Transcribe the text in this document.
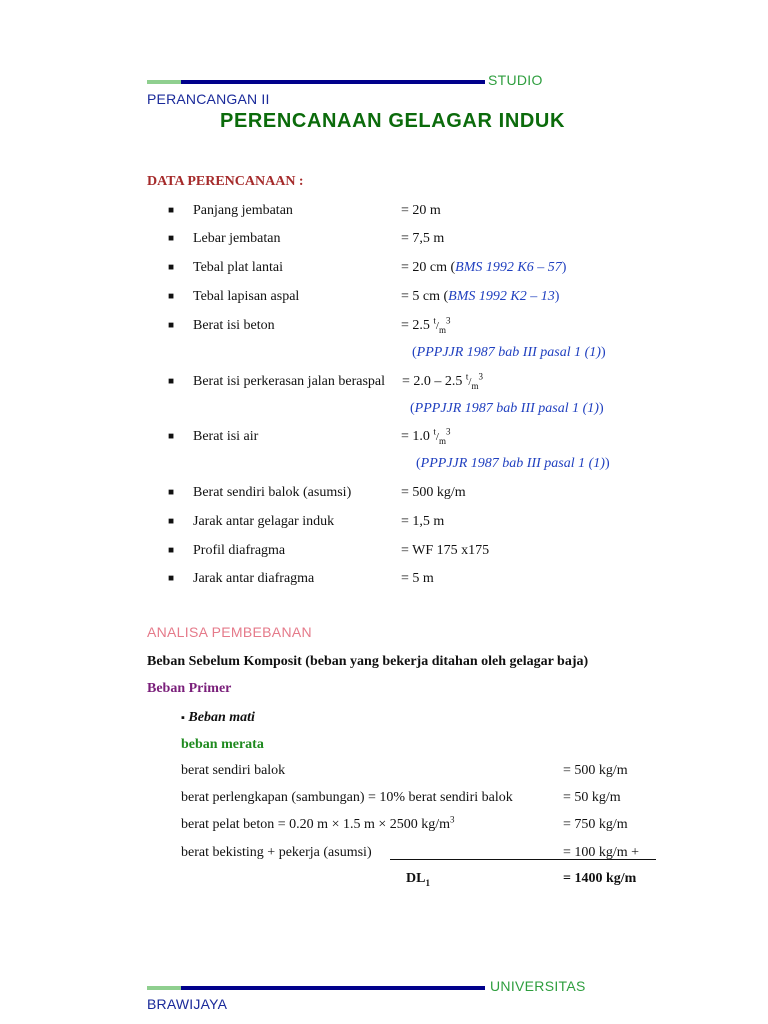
STUDIO
PERANCANGAN II
PERENCANAAN GELAGAR INDUK
DATA PERENCANAAN :
■ Panjang jembatan	= 20 m
■ Lebar jembatan	= 7,5 m
■ Tebal plat lantai	= 20 cm (BMS 1992 K6 – 57)
■ Tebal lapisan aspal	= 5 cm (BMS 1992 K2 – 13)
■ Berat isi beton	= 2.5 $^t/_m^3$
(PPPJJR 1987 bab III pasal 1 (1))
■ Berat isi perkerasan jalan beraspal = 2.0 – 2.5 $^t/_m^3$
(PPPJJR 1987 bab III pasal 1 (1))
■ Berat isi air	= 1.0 $^t/_m^3$
(PPPJJR 1987 bab III pasal 1 (1))
■ Berat sendiri balok (asumsi)	= 500 kg/m
■ Jarak antar gelagar induk	= 1,5 m
■ Profil diafragma	= WF 175 x175
■ Jarak antar diafragma	= 5 m
ANALISA PEMBEBANAN
Beban Sebelum Komposit (beban yang bekerja ditahan oleh gelagar baja)
Beban Primer
▪ Beban mati
beban merata
berat sendiri balok	= 500 kg/m
berat perlengkapan (sambungan) = 10% berat sendiri balok	= 50 kg/m
berat pelat beton = 0.20 m × 1.5 m × 2500 $kg/m^3$	= 750 kg/m
berat bekisting + pekerja (asumsi)	= 100 kg/m +
$DL_1$	= 1400 kg/m
UNIVERSITAS
BRAWIJAYA
